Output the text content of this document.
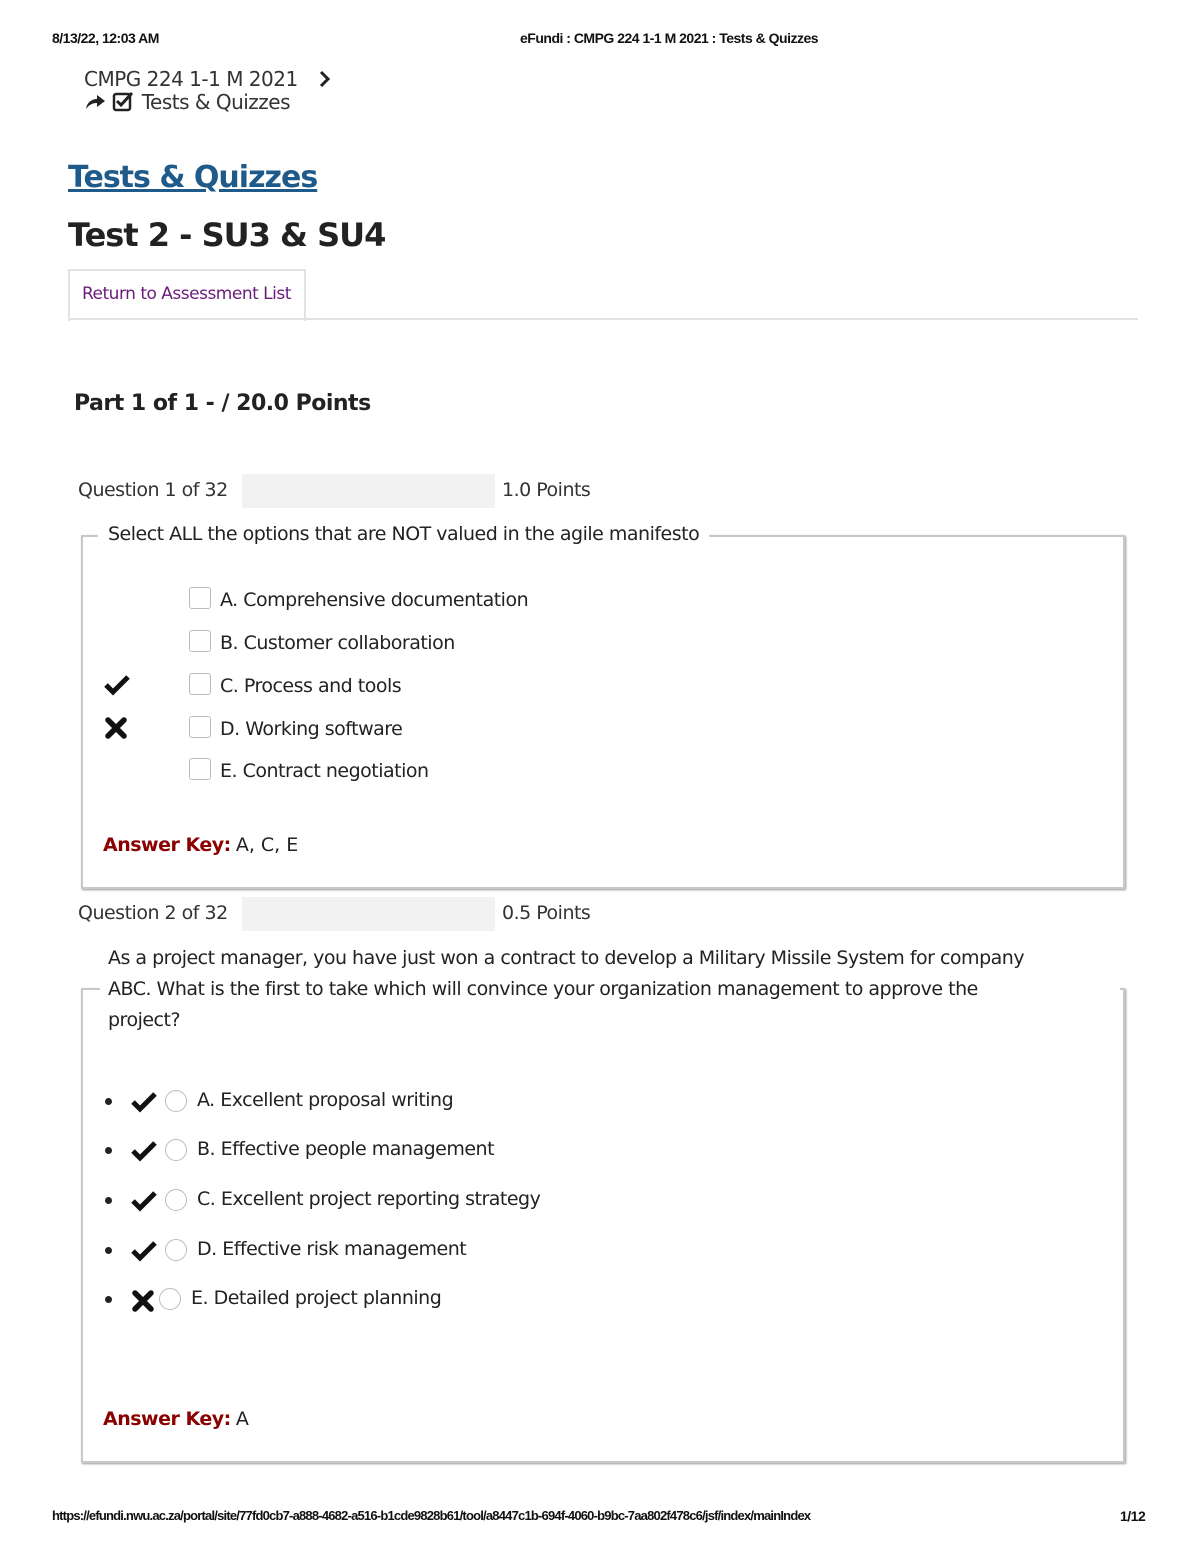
8/13/22, 12:03 AM	eFundi : CMPG 224 1-1 M 2021 : Tests & Quizzes
CMPG 224 1-1 M 2021
Tests & Quizzes
Tests & Quizzes
Test 2 - SU3 & SU4
Return to Assessment List
Part 1 of 1 - / 20.0 Points
Question 1 of 32	1.0 Points
Select ALL the options that are NOT valued in the agile manifesto
A. Comprehensive documentation
B. Customer collaboration
C. Process and tools
D. Working software
E. Contract negotiation
Answer Key: A, C, E
Question 2 of 32	0.5 Points
As a project manager, you have just won a contract to develop a Military Missile System for company
ABC. What is the first to take which will convince your organization management to approve the
project?
A. Excellent proposal writing
B. Effective people management
C. Excellent project reporting strategy
D. Effective risk management
E. Detailed project planning
Answer Key: A
https://efundi.nwu.ac.za/portal/site/77fd0cb7-a888-4682-a516-b1cde9828b61/tool/a8447c1b-694f-4060-b9bc-7aa802f478c6/jsf/index/mainIndex	1/12
